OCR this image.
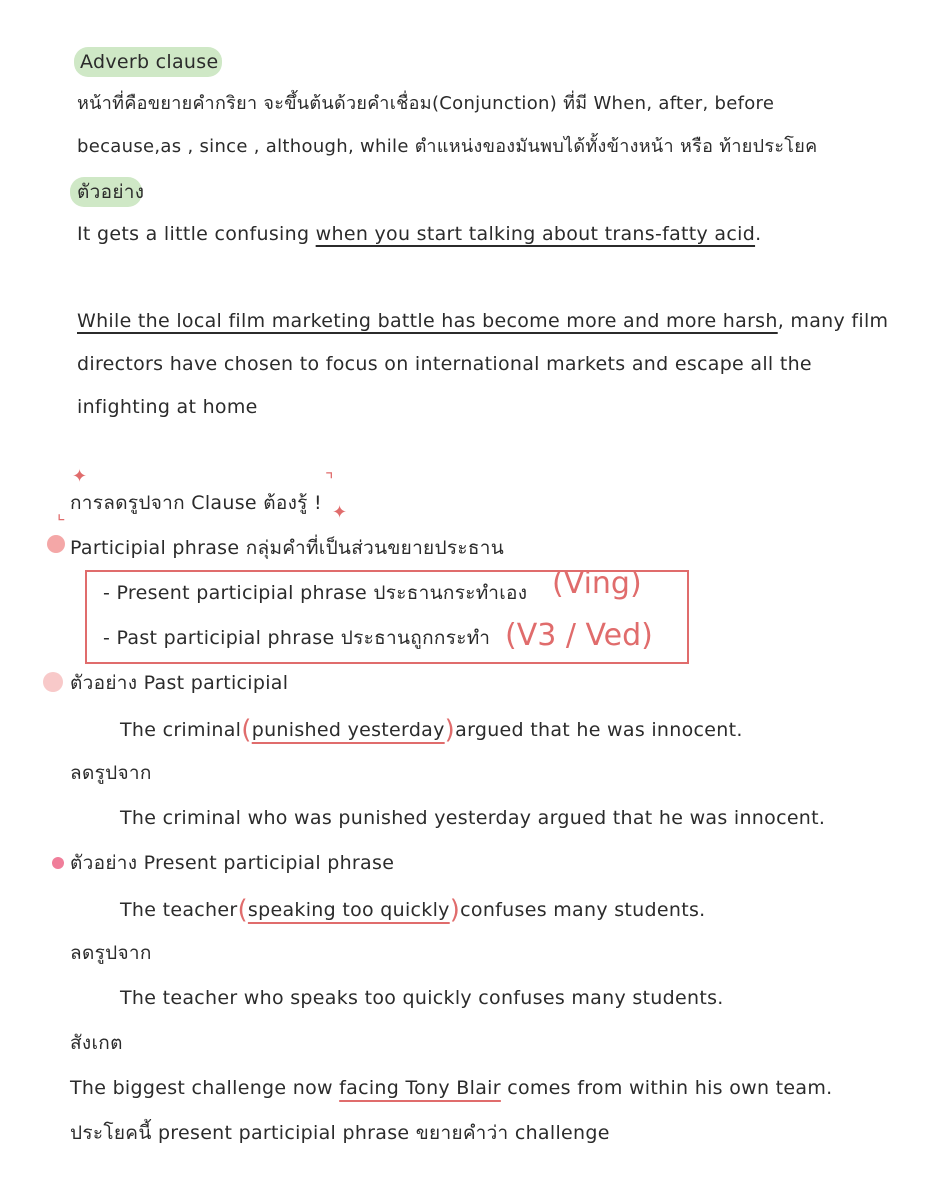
Adverb clause
หน้าที่คือขยายคำกริยา จะขึ้นต้นด้วยคำเชื่อม(Conjunction) ที่มี When, after, before
because,as , since , although, while ตำแหน่งของมันพบได้ทั้งข้างหน้า หรือ ท้ายประโยค
ตัวอย่าง
It gets a little confusing when you start talking about trans-fatty acid.
While the local film marketing battle has become more and more harsh, many film
directors have chosen to focus on international markets and escape all the
infighting at home
✦
⌞ การลดรูปจาก Clause ต้องรู้ !
⌝
✦
Participial phrase กลุ่มคำที่เป็นส่วนขยายประธาน
- Present participial phrase ประธานกระทำเอง (Ving)
- Past participial phrase ประธานถูกกระทำ (V3 / Ved)
ตัวอย่าง Past participial
The criminal(punished yesterday)argued that he was innocent.
ลดรูปจาก
The criminal who was punished yesterday argued that he was innocent.
ตัวอย่าง Present participial phrase
The teacher(speaking too quickly)confuses many students.
ลดรูปจาก
The teacher who speaks too quickly confuses many students.
สังเกต
The biggest challenge now facing Tony Blair comes from within his own team.
ประโยคนี้ present participial phrase ขยายคำว่า challenge
